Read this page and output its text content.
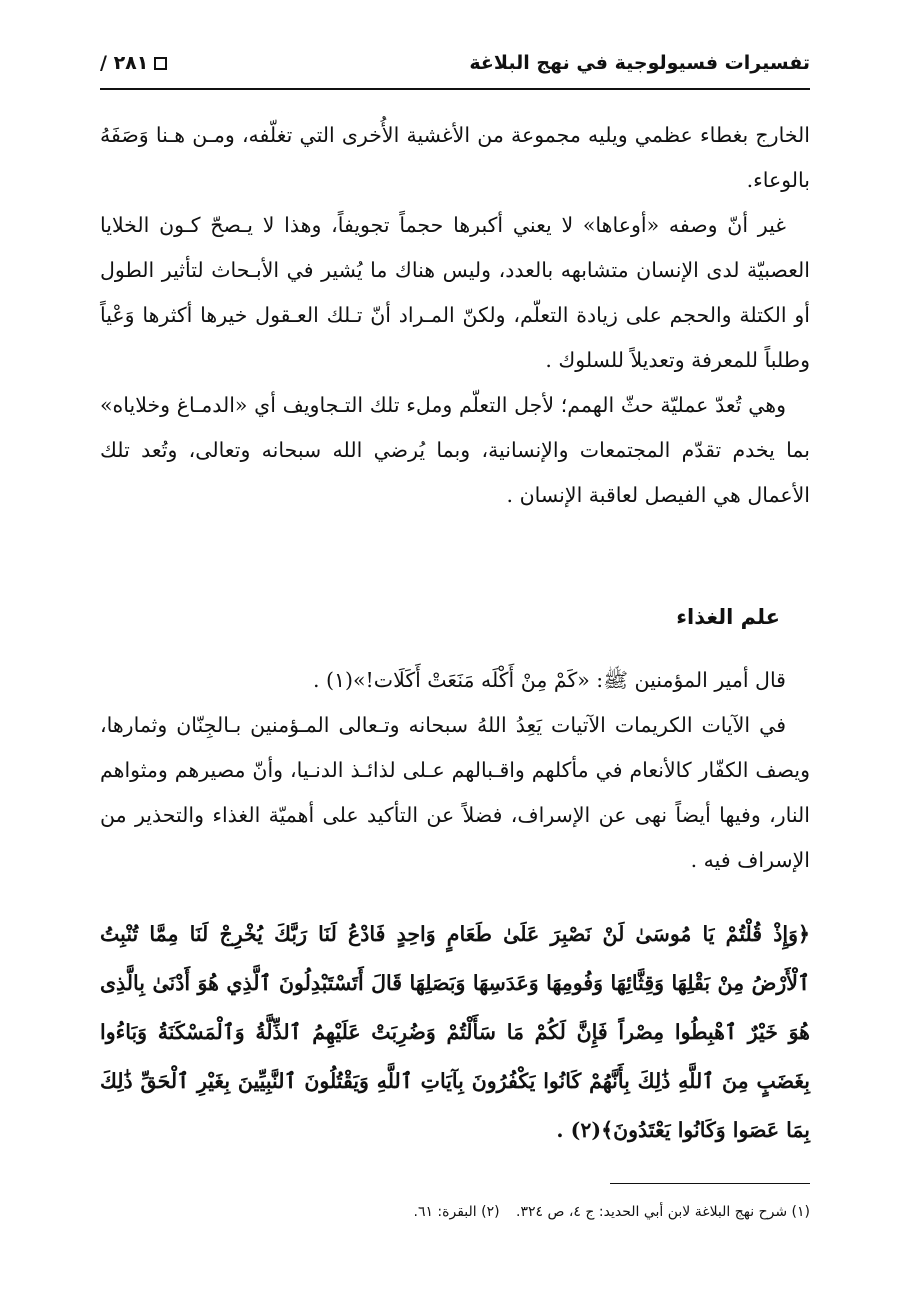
تفسيرات فسيولوجية في نهج البلاغة
٢٨١ /

الخارج بغطاء عظمي ويليه مجموعة من الأغشية الأُخرى التي تغلّفه، ومـن هـنا وَصَفَهُ بالوعاء.

غير أنّ وصفه «أوعاها» لا يعني أكبرها حجماً تجويفاً، وهذا لا يـصحّ كـون الخلايا العصبيّة لدى الإنسان متشابهه بالعدد، وليس هناك ما يُشير في الأبـحاث لتأثير الطول أو الكتلة والحجم على زيادة التعلّم، ولكنّ المـراد أنّ تـلك العـقول خيرها أكثرها وَعْياً وطلباً للمعرفة وتعديلاً للسلوك .

وهي تُعدّ عمليّة حثّ الهمم؛ لأجل التعلّم وملء تلك التـجاويف أي «الدمـاغ وخلاياه» بما يخدم تقدّم المجتمعات والإنسانية، وبما يُرضي الله سبحانه وتعالى، وتُعد تلك الأعمال هي الفيصل لعاقبة الإنسان .

علم الغذاء

قال أمير المؤمنين ﷺ: «كَمْ مِنْ أَكْلَه مَنَعَتْ أَكَلَات!»(١) .

في الآيات الكريمات الآتيات يَعِدُ اللهُ سبحانه وتـعالى المـؤمنين بـالجِنّان وثمارها، ويصف الكفّار كالأنعام في مأكلهم واقـبالهم عـلى لذائـذ الدنـيا، وأنّ مصيرهم ومثواهم النار، وفيها أيضاً نهى عن الإسراف، فضلاً عن التأكيد على أهميّة الغذاء والتحذير من الإسراف فيه .

﴿وَإِذْ قُلْتُمْ يَا مُوسَىٰ لَنْ نَصْبِرَ عَلَىٰ طَعَامٍ وَاحِدٍ فَادْعُ لَنَا رَبَّكَ يُخْرِجْ لَنَا مِمَّا تُنْبِتُ ٱلْأَرْضُ مِنْ بَقْلِهَا وَقِثَّائِهَا وَفُومِهَا وَعَدَسِهَا وَبَصَلِهَا قَالَ أَتَسْتَبْدِلُونَ ٱلَّذِي هُوَ أَدْنَىٰ بِالَّذِى هُوَ خَيْرٌ ٱهْبِطُوا مِصْراً فَإِنَّ لَكُمْ مَا سَأَلْتُمْ وَضُرِبَتْ عَلَيْهِمُ ٱلذِّلَّةُ وَٱلْمَسْكَنَةُ وَبَاءُوا بِغَضَبٍ مِنَ ٱللَّهِ ذَٰلِكَ بِأَنَّهُمْ كَانُوا يَكْفُرُونَ بِآيَاتِ ٱللَّهِ وَيَقْتُلُونَ ٱلنَّبِيِّينَ بِغَيْرِ ٱلْحَقِّ ذَٰلِكَ بِمَا عَصَوا وَكَانُوا يَعْتَدُونَ﴾(٢) .
(١) شرح نهج البلاغة لابن أبي الحديد: ج ٤، ص ٣٢٤. (٢) البقرة: ٦١.
